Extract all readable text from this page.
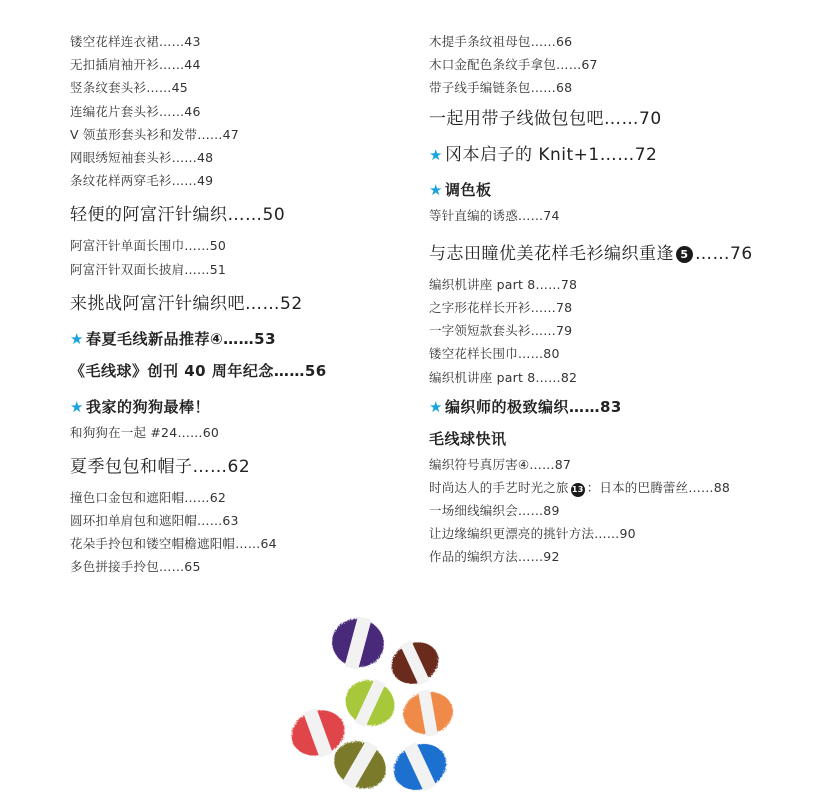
镂空花样连衣裙……43
无扣插肩袖开衫……44
竖条纹套头衫……45
连编花片套头衫……46
V 领茧形套头衫和发带……47
网眼绣短袖套头衫……48
条纹花样两穿毛衫……49
轻便的阿富汗针编织……50
阿富汗针单面长围巾……50
阿富汗针双面长披肩……51
来挑战阿富汗针编织吧……52
★ 春夏毛线新品推荐④……53
《毛线球》创刊 40 周年纪念……56
★ 我家的狗狗最棒！
和狗狗在一起 #24……60
夏季包包和帽子……62
撞色口金包和遮阳帽……62
圆环扣单肩包和遮阳帽……63
花朵手拎包和镂空帽檐遮阳帽……64
多色拼接手拎包……65
木提手条纹祖母包……66
木口金配色条纹手拿包……67
带子线手编链条包……68
一起用带子线做包包吧……70
★ 冈本启子的 Knit+1……72
★ 调色板
等针直编的诱惑……74
与志田瞳优美花样毛衫编织重逢 5 ……76
编织机讲座 part 8……78
之字形花样长开衫……78
一字领短款套头衫……79
镂空花样长围巾……80
编织机讲座 part 8……82
★ 编织师的极致编织……83
毛线球快讯
编织符号真厉害④……87
时尚达人的手艺时光之旅 13 ：日本的巴腾蕾丝……88
一场细线编织会……89
让边缘编织更漂亮的挑针方法……90
作品的编织方法……92
